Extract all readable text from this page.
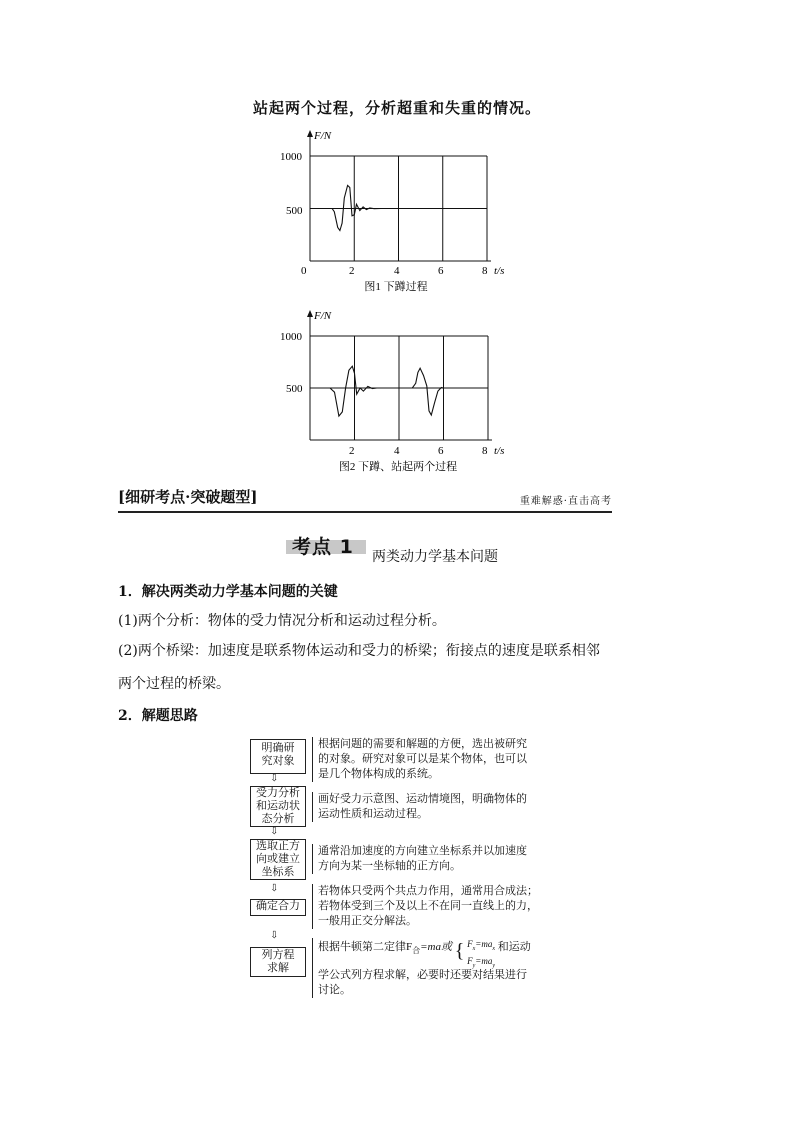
站起两个过程，分析超重和失重的情况。
F/N
t/s
0
500
1000
2	4	6	8
图1 下蹲过程
F/N
t/s
500
1000
2	4	6	8
图2 下蹲、站起两个过程
[细研考点·突破题型]	重难解惑·直击高考
考点 1 两类动力学基本问题
1．解决两类动力学基本问题的关键
(1)两个分析：物体的受力情况分析和运动过程分析。
(2)两个桥梁：加速度是联系物体运动和受力的桥梁；衔接点的速度是联系相邻
两个过程的桥梁。
2．解题思路
明确研
究对象
根据问题的需要和解题的方便，选出被研究
的对象。研究对象可以是某个物体，也可以
是几个物体构成的系统。
⇩
受力分析
和运动状
态分析
画好受力示意图、运动情境图，明确物体的
运动性质和运动过程。
⇩
选取正方
向或建立
坐标系
通常沿加速度的方向建立坐标系并以加速度
方向为某一坐标轴的正方向。
⇩
确定合力
若物体只受两个共点力作用，通常用合成法；
若物体受到三个及以上不在同一直线上的力，
一般用正交分解法。
⇩
列方程
求解
根据牛顿第二定律$F_合=ma$或 { $F_x=ma_x$
$F_y=ma_y$
和运动
学公式列方程求解，必要时还要对结果进行
讨论。
